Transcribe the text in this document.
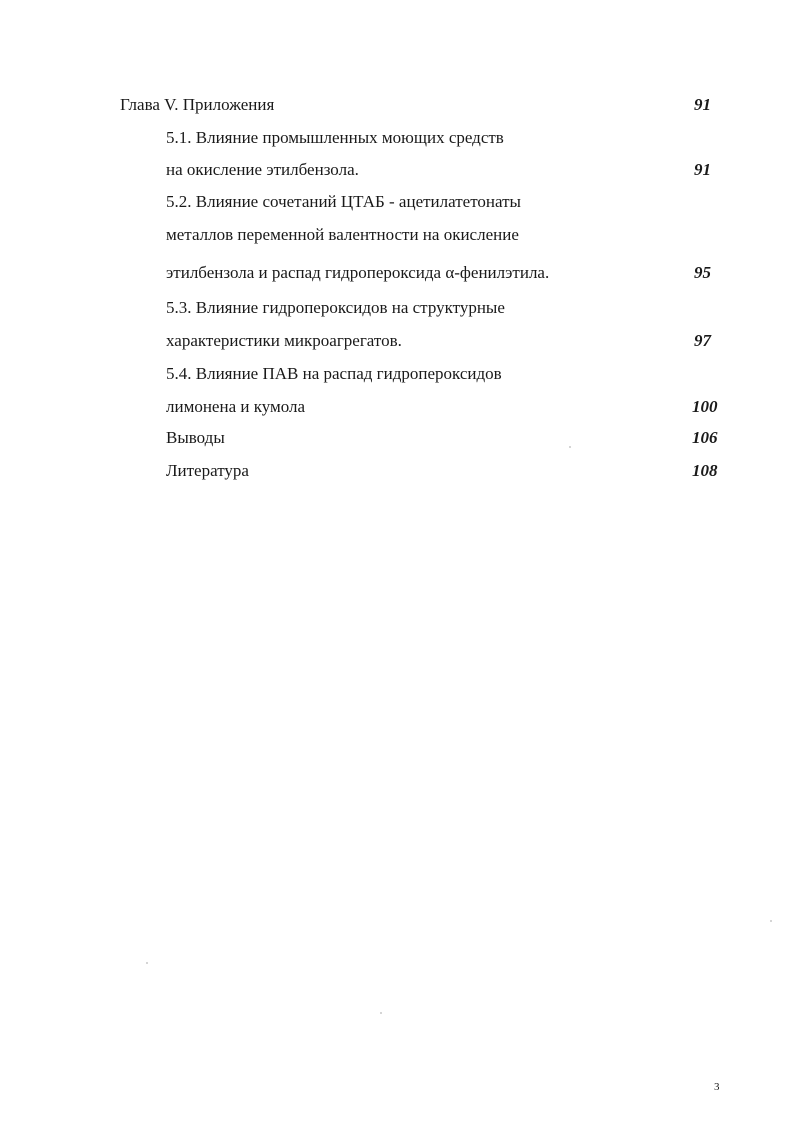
Глава V. Приложения	91
5.1. Влияние промышленных моющих средств
на окисление этилбензола.	91
5.2. Влияние сочетаний ЦТАБ - ацетилатетонаты
металлов переменной валентности на окисление
этилбензола и распад гидропероксида α-фенилэтила.	95
5.3. Влияние гидропероксидов на структурные
характеристики микроагрегатов.	97
5.4. Влияние ПАВ на распад гидропероксидов
лимонена и кумола	100
Выводы	106
Литература	108
3
